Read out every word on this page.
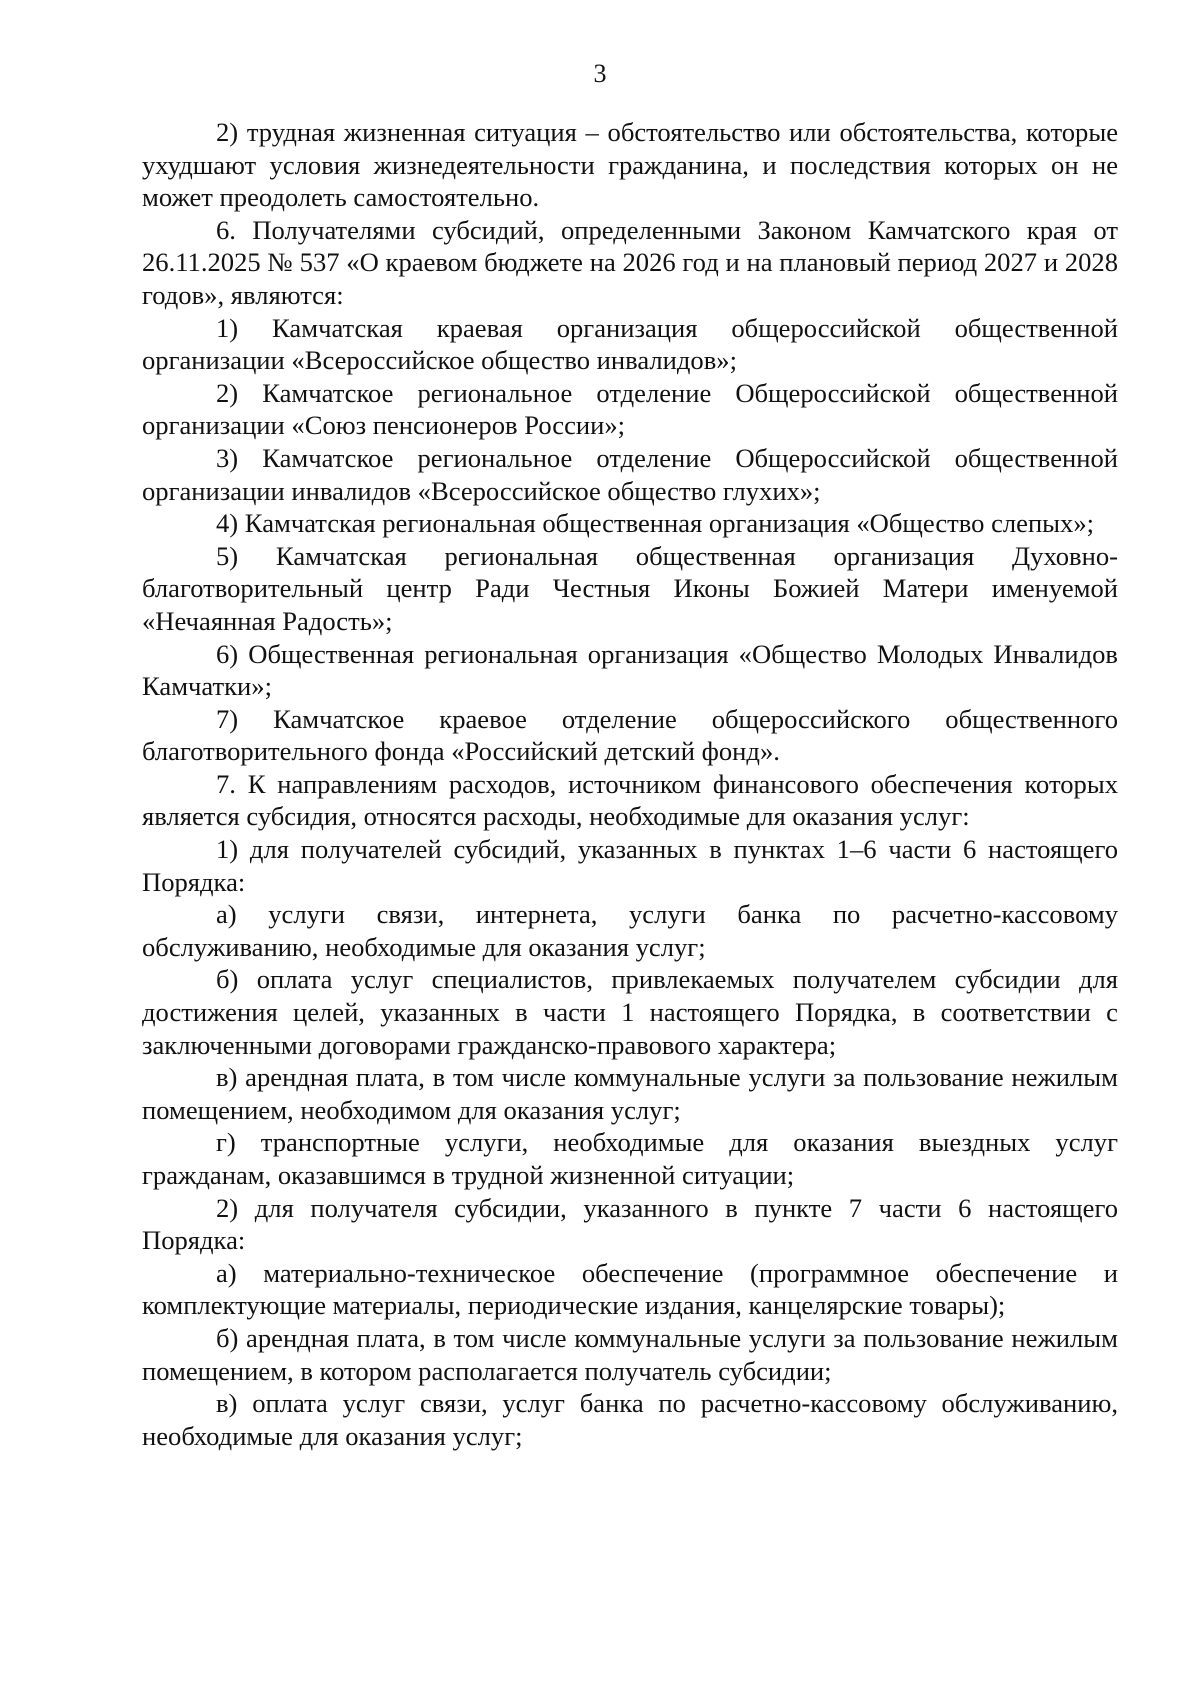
3

2) трудная жизненная ситуация – обстоятельство или обстоятельства, которые ухудшают условия жизнедеятельности гражданина, и последствия которых он не может преодолеть самостоятельно.

6. Получателями субсидий, определенными Законом Камчатского края от 26.11.2025 № 537 «О краевом бюджете на 2026 год и на плановый период 2027 и 2028 годов», являются:

1) Камчатская краевая организация общероссийской общественной организации «Всероссийское общество инвалидов»;

2) Камчатское региональное отделение Общероссийской общественной организации «Союз пенсионеров России»;

3) Камчатское региональное отделение Общероссийской общественной организации инвалидов «Всероссийское общество глухих»;

4) Камчатская региональная общественная организация «Общество слепых»;

5) Камчатская региональная общественная организация Духовно-благотворительный центр Ради Честныя Иконы Божией Матери именуемой «Нечаянная Радость»;

6) Общественная региональная организация «Общество Молодых Инвалидов Камчатки»;

7) Камчатское краевое отделение общероссийского общественного благотворительного фонда «Российский детский фонд».

7. К направлениям расходов, источником финансового обеспечения которых является субсидия, относятся расходы, необходимые для оказания услуг:

1) для получателей субсидий, указанных в пунктах 1–6 части 6 настоящего Порядка:

а) услуги связи, интернета, услуги банка по расчетно-кассовому обслуживанию, необходимые для оказания услуг;

б) оплата услуг специалистов, привлекаемых получателем субсидии для достижения целей, указанных в части 1 настоящего Порядка, в соответствии с заключенными договорами гражданско-правового характера;

в) арендная плата, в том числе коммунальные услуги за пользование нежилым помещением, необходимом для оказания услуг;

г) транспортные услуги, необходимые для оказания выездных услуг гражданам, оказавшимся в трудной жизненной ситуации;

2) для получателя субсидии, указанного в пункте 7 части 6 настоящего Порядка:

а) материально-техническое обеспечение (программное обеспечение и комплектующие материалы, периодические издания, канцелярские товары);

б) арендная плата, в том числе коммунальные услуги за пользование нежилым помещением, в котором располагается получатель субсидии;

в) оплата услуг связи, услуг банка по расчетно-кассовому обслуживанию, необходимые для оказания услуг;
